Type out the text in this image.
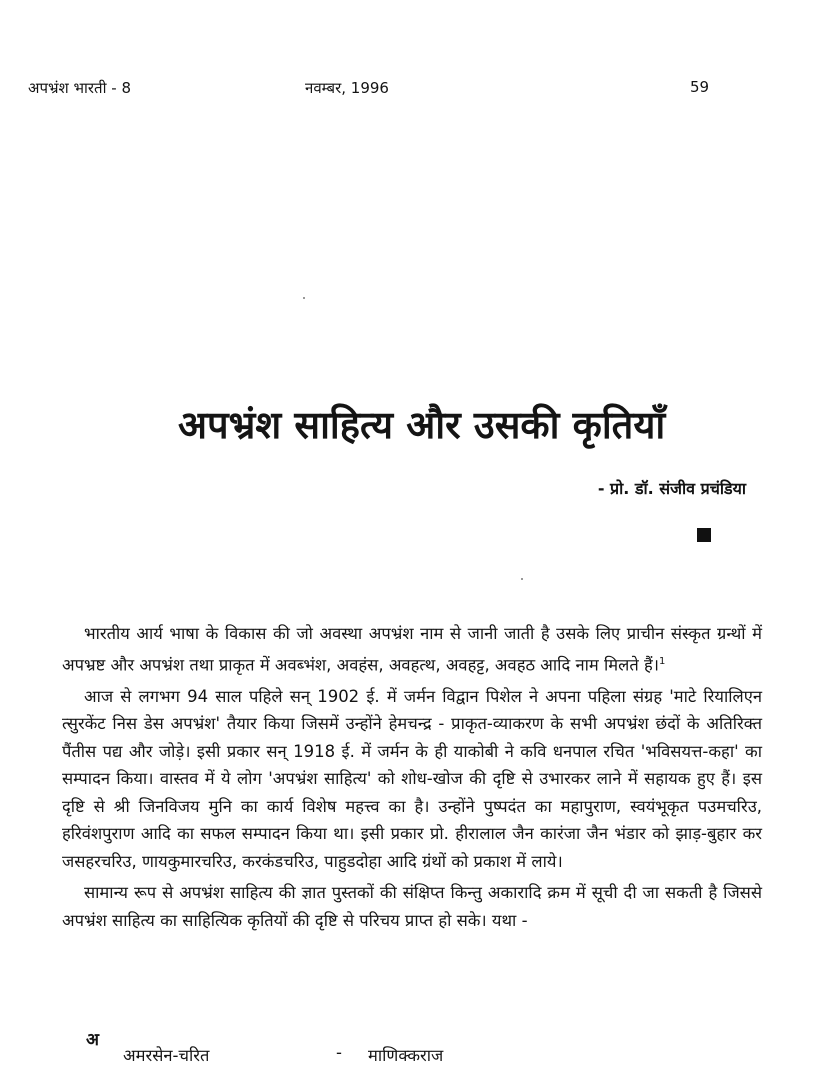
अपभ्रंश भारती - 8	नवम्बर, 1996	59
अपभ्रंश साहित्य और उसकी कृतियाँ
- प्रो. डॉ. संजीव प्रचंडिया

भारतीय आर्य भाषा के विकास की जो अवस्था अपभ्रंश नाम से जानी जाती है उसके लिए प्राचीन संस्कृत ग्रन्थों में अपभ्रष्ट और अपभ्रंश तथा प्राकृत में अवब्भंश, अवहंस, अवहत्थ, अवहट्ट, अवहठ आदि नाम मिलते हैं।$^1$

आज से लगभग 94 साल पहिले सन् 1902 ई. में जर्मन विद्वान पिशेल ने अपना पहिला संग्रह 'माटे रियालिएन त्सुरकेंट निस डेस अपभ्रंश' तैयार किया जिसमें उन्होंने हेमचन्द्र - प्राकृत-व्याकरण के सभी अपभ्रंश छंदों के अतिरिक्त पैंतीस पद्य और जोड़े। इसी प्रकार सन् 1918 ई. में जर्मन के ही याकोबी ने कवि धनपाल रचित 'भविसयत्त-कहा' का सम्पादन किया। वास्तव में ये लोग 'अपभ्रंश साहित्य' को शोध-खोज की दृष्टि से उभारकर लाने में सहायक हुए हैं। इस दृष्टि से श्री जिनविजय मुनि का कार्य विशेष महत्त्व का है। उन्होंने पुष्पदंत का महापुराण, स्वयंभूकृत पउमचरिउ, हरिवंशपुराण आदि का सफल सम्पादन किया था। इसी प्रकार प्रो. हीरालाल जैन कारंजा जैन भंडार को झाड़-बुहार कर जसहरचरिउ, णायकुमारचरिउ, करकंडचरिउ, पाहुडदोहा आदि ग्रंथों को प्रकाश में लाये।

सामान्य रूप से अपभ्रंश साहित्य की ज्ञात पुस्तकों की संक्षिप्त किन्तु अकारादि क्रम में सूची दी जा सकती है जिससे अपभ्रंश साहित्य का साहित्यिक कृतियों की दृष्टि से परिचय प्राप्त हो सके। यथा -

अ
अमरसेन-चरित	- माणिक्कराज
